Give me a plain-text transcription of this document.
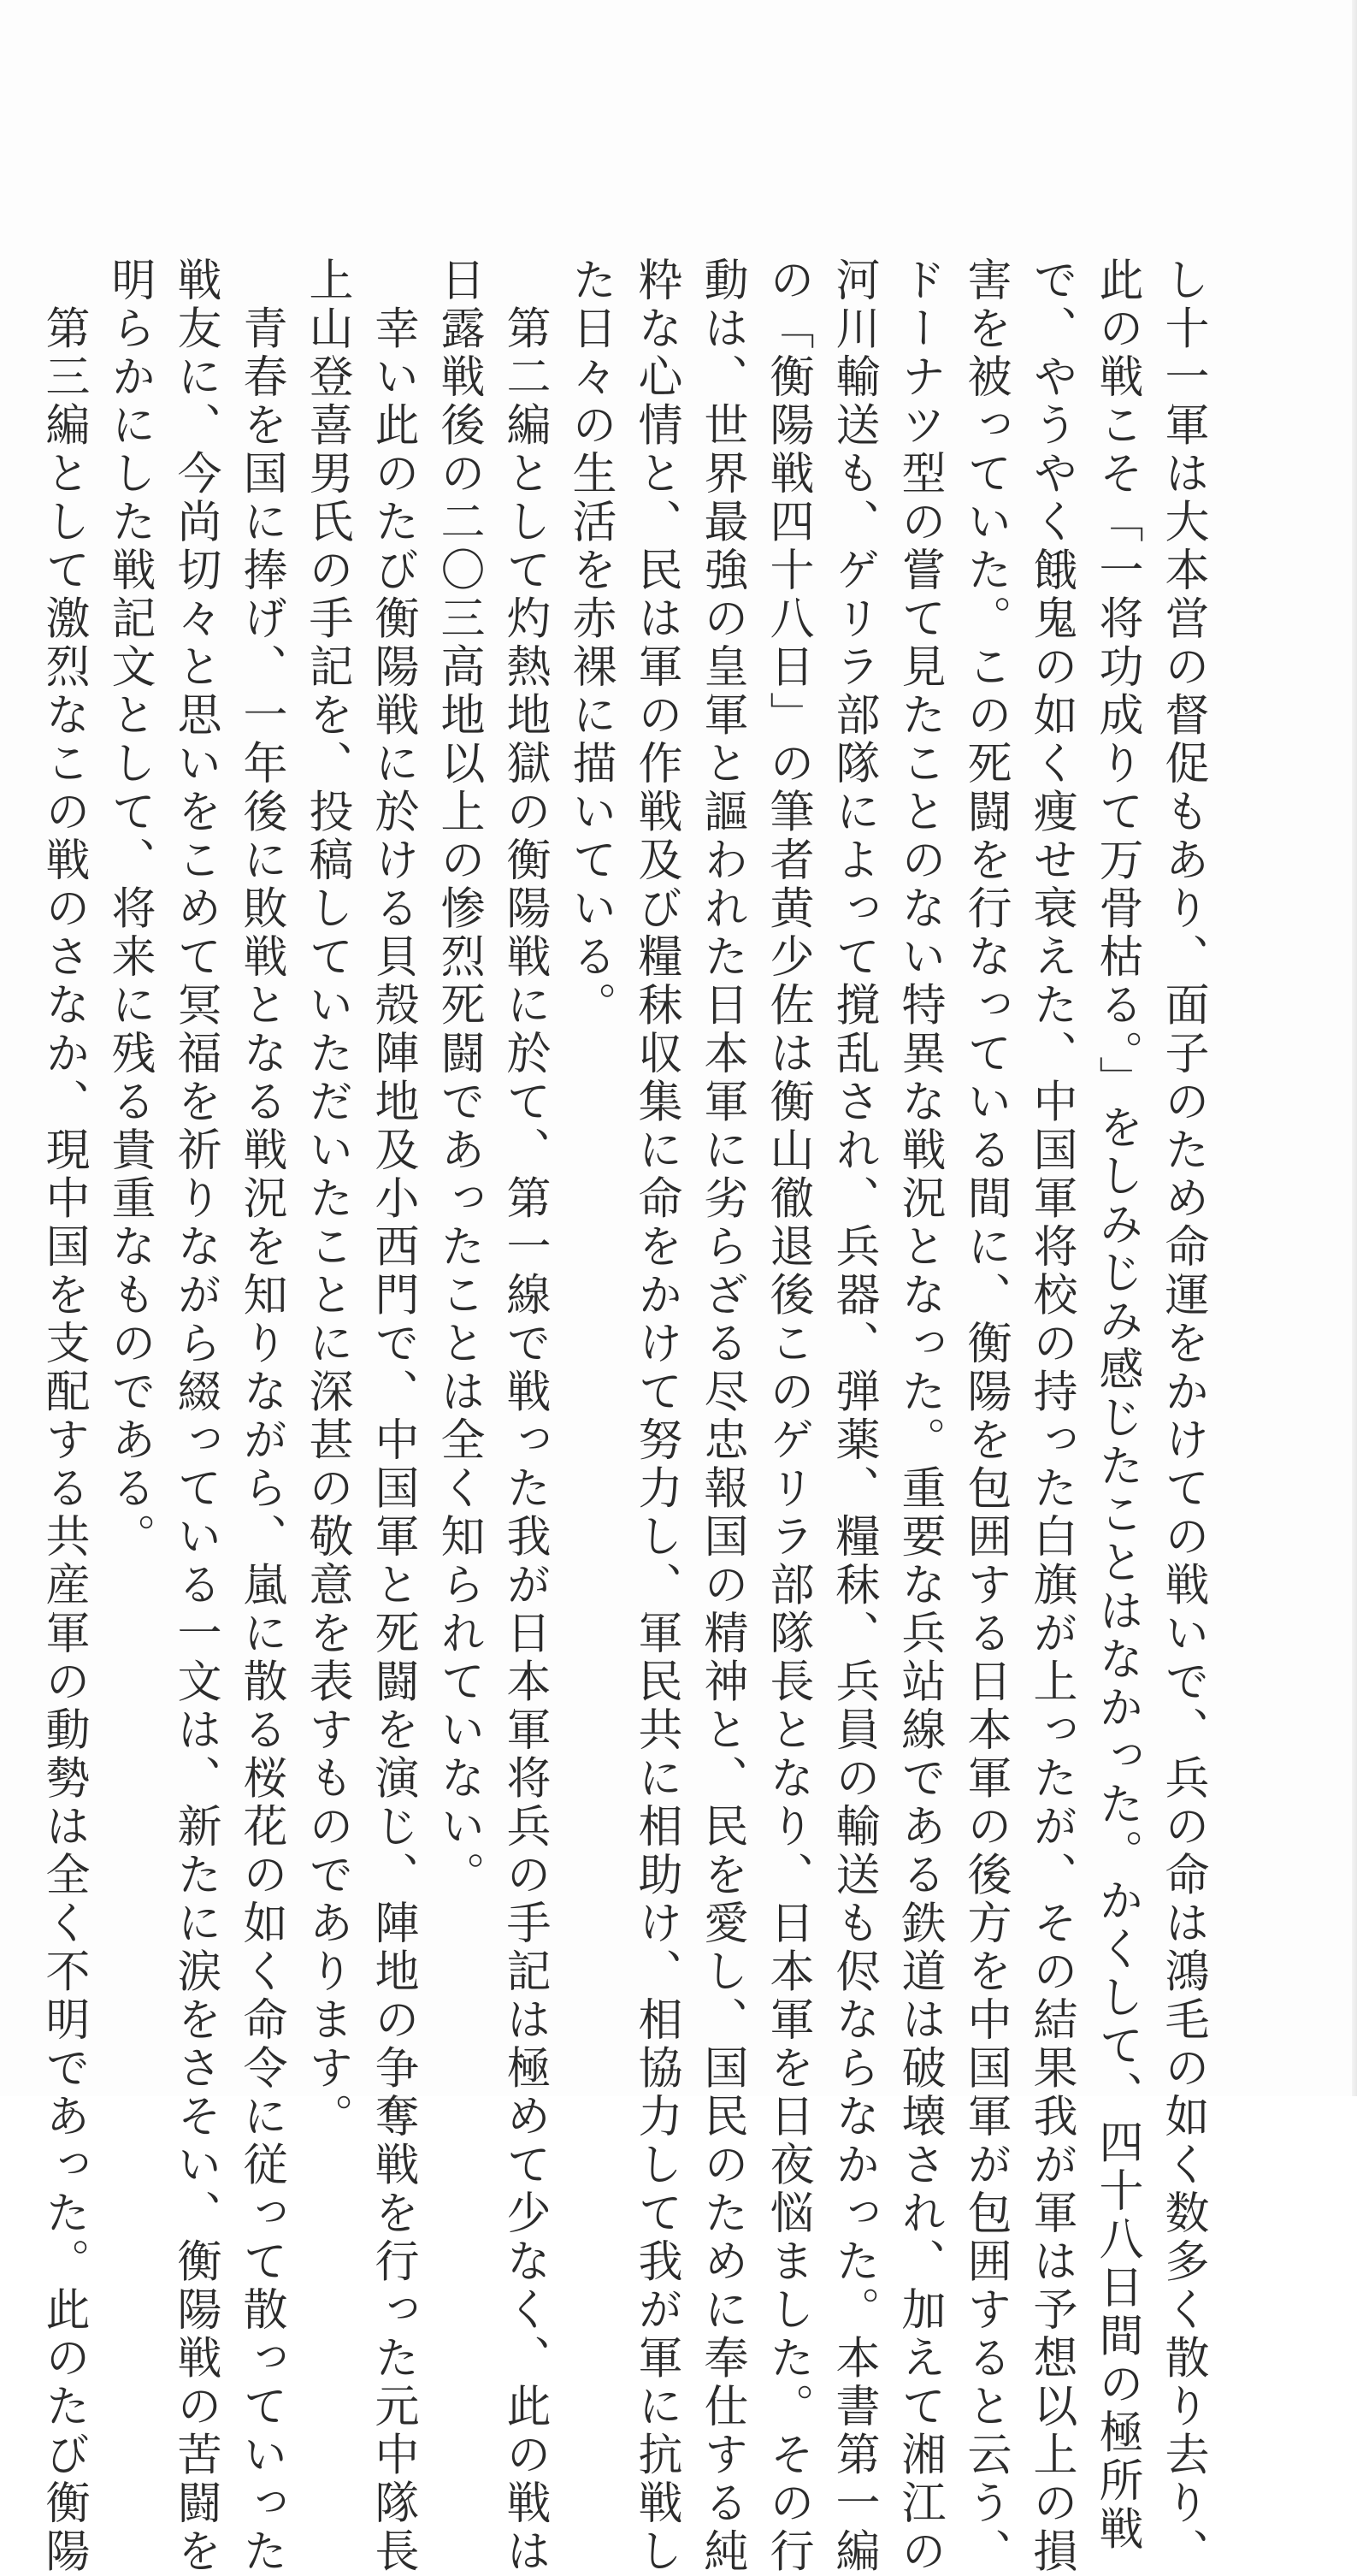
し十一軍は大本営の督促もあり、面子のため命運をかけての戦いで、兵の命は鴻毛の如く数多く散り去り、

此の戦こそ「一将功成りて万骨枯る。」をしみじみ感じたことはなかった。かくして、四十八日間の極所戦

で、やうやく餓鬼の如く痩せ衰えた、中国軍将校の持った白旗が上ったが、その結果我が軍は予想以上の損

害を被っていた。この死闘を行なっている間に、衡陽を包囲する日本軍の後方を中国軍が包囲すると云う、

ドーナツ型の嘗て見たことのない特異な戦況となった。重要な兵站線である鉄道は破壊され、加えて湘江の

河川輸送も、ゲリラ部隊によって撹乱され、兵器、弾薬、糧秣、兵員の輸送も侭ならなかった。本書第一編

の「衡陽戦四十八日」の筆者黄少佐は衡山徹退後このゲリラ部隊長となり、日本軍を日夜悩ました。その行

動は、世界最強の皇軍と謳われた日本軍に劣らざる尽忠報国の精神と、民を愛し、国民のために奉仕する純

粋な心情と、民は軍の作戦及び糧秣収集に命をかけて努力し、軍民共に相助け、相協力して我が軍に抗戦し

た日々の生活を赤裸に描いている。

　第二編として灼熱地獄の衡陽戦に於て、第一線で戦った我が日本軍将兵の手記は極めて少なく、此の戦は

日露戦後の二〇三高地以上の惨烈死闘であったことは全く知られていない。

　幸い此のたび衡陽戦に於ける貝殻陣地及小西門で、中国軍と死闘を演じ、陣地の争奪戦を行った元中隊長

上山登喜男氏の手記を、投稿していただいたことに深甚の敬意を表すものであります。

　青春を国に捧げ、一年後に敗戦となる戦況を知りながら、嵐に散る桜花の如く命令に従って散っていった

戦友に、今尚切々と思いをこめて冥福を祈りながら綴っている一文は、新たに涙をさそい、衡陽戦の苦闘を

明らかにした戦記文として、将来に残る貴重なものである。

　第三編として激烈なこの戦のさなか、現中国を支配する共産軍の動勢は全く不明であった。此のたび衡陽
